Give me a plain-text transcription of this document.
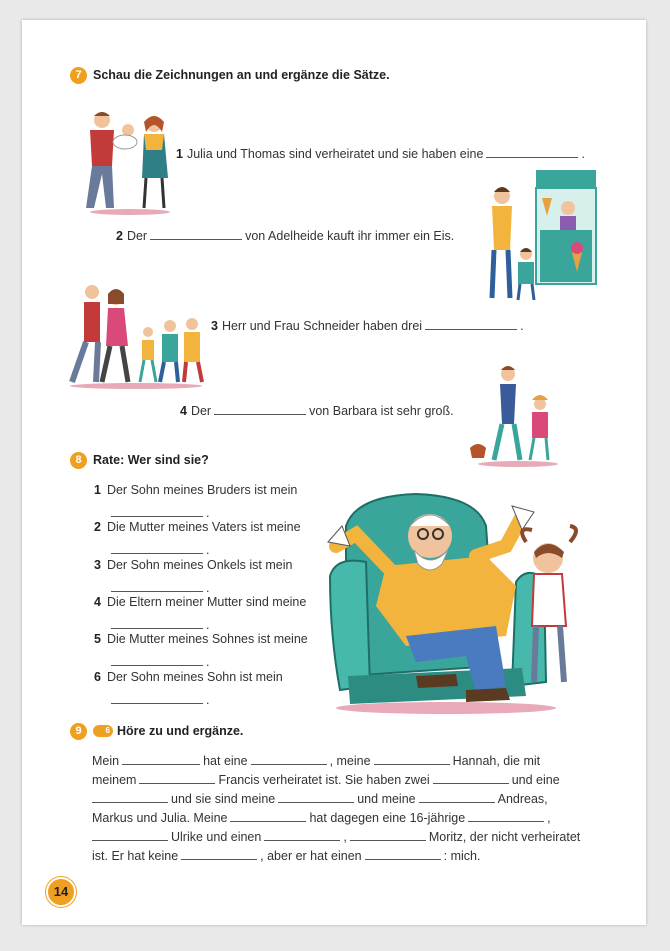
7 Schau die Zeichnungen an und ergänze die Sätze.
1 Julia und Thomas sind verheiratet und sie haben eine	.
2 Der	von Adelheide kauft ihr immer ein Eis.
3 Herr und Frau Schneider haben drei	.
4 Der	von Barbara ist sehr groß.
8 Rate: Wer sind sie?
1 Der Sohn meines Bruders ist mein
.
2 Die Mutter meines Vaters ist meine
.
3 Der Sohn meines Onkels ist mein
.
4 Die Eltern meiner Mutter sind meine
.
5 Die Mutter meines Sohnes ist meine
.
6 Der Sohn meines Sohn ist mein
.
9	6 Höre zu und ergänze.
Mein	hat eine	, meine	Hannah, die mit
meinem	Francis verheiratet ist. Sie haben zwei	und eine
und sie sind meine	und meine	Andreas,
Markus und Julia. Meine	hat dagegen eine 16-jährige	,
Ulrike und einen	,	Moritz, der nicht verheiratet
ist. Er hat keine	, aber er hat einen	: mich.
14
